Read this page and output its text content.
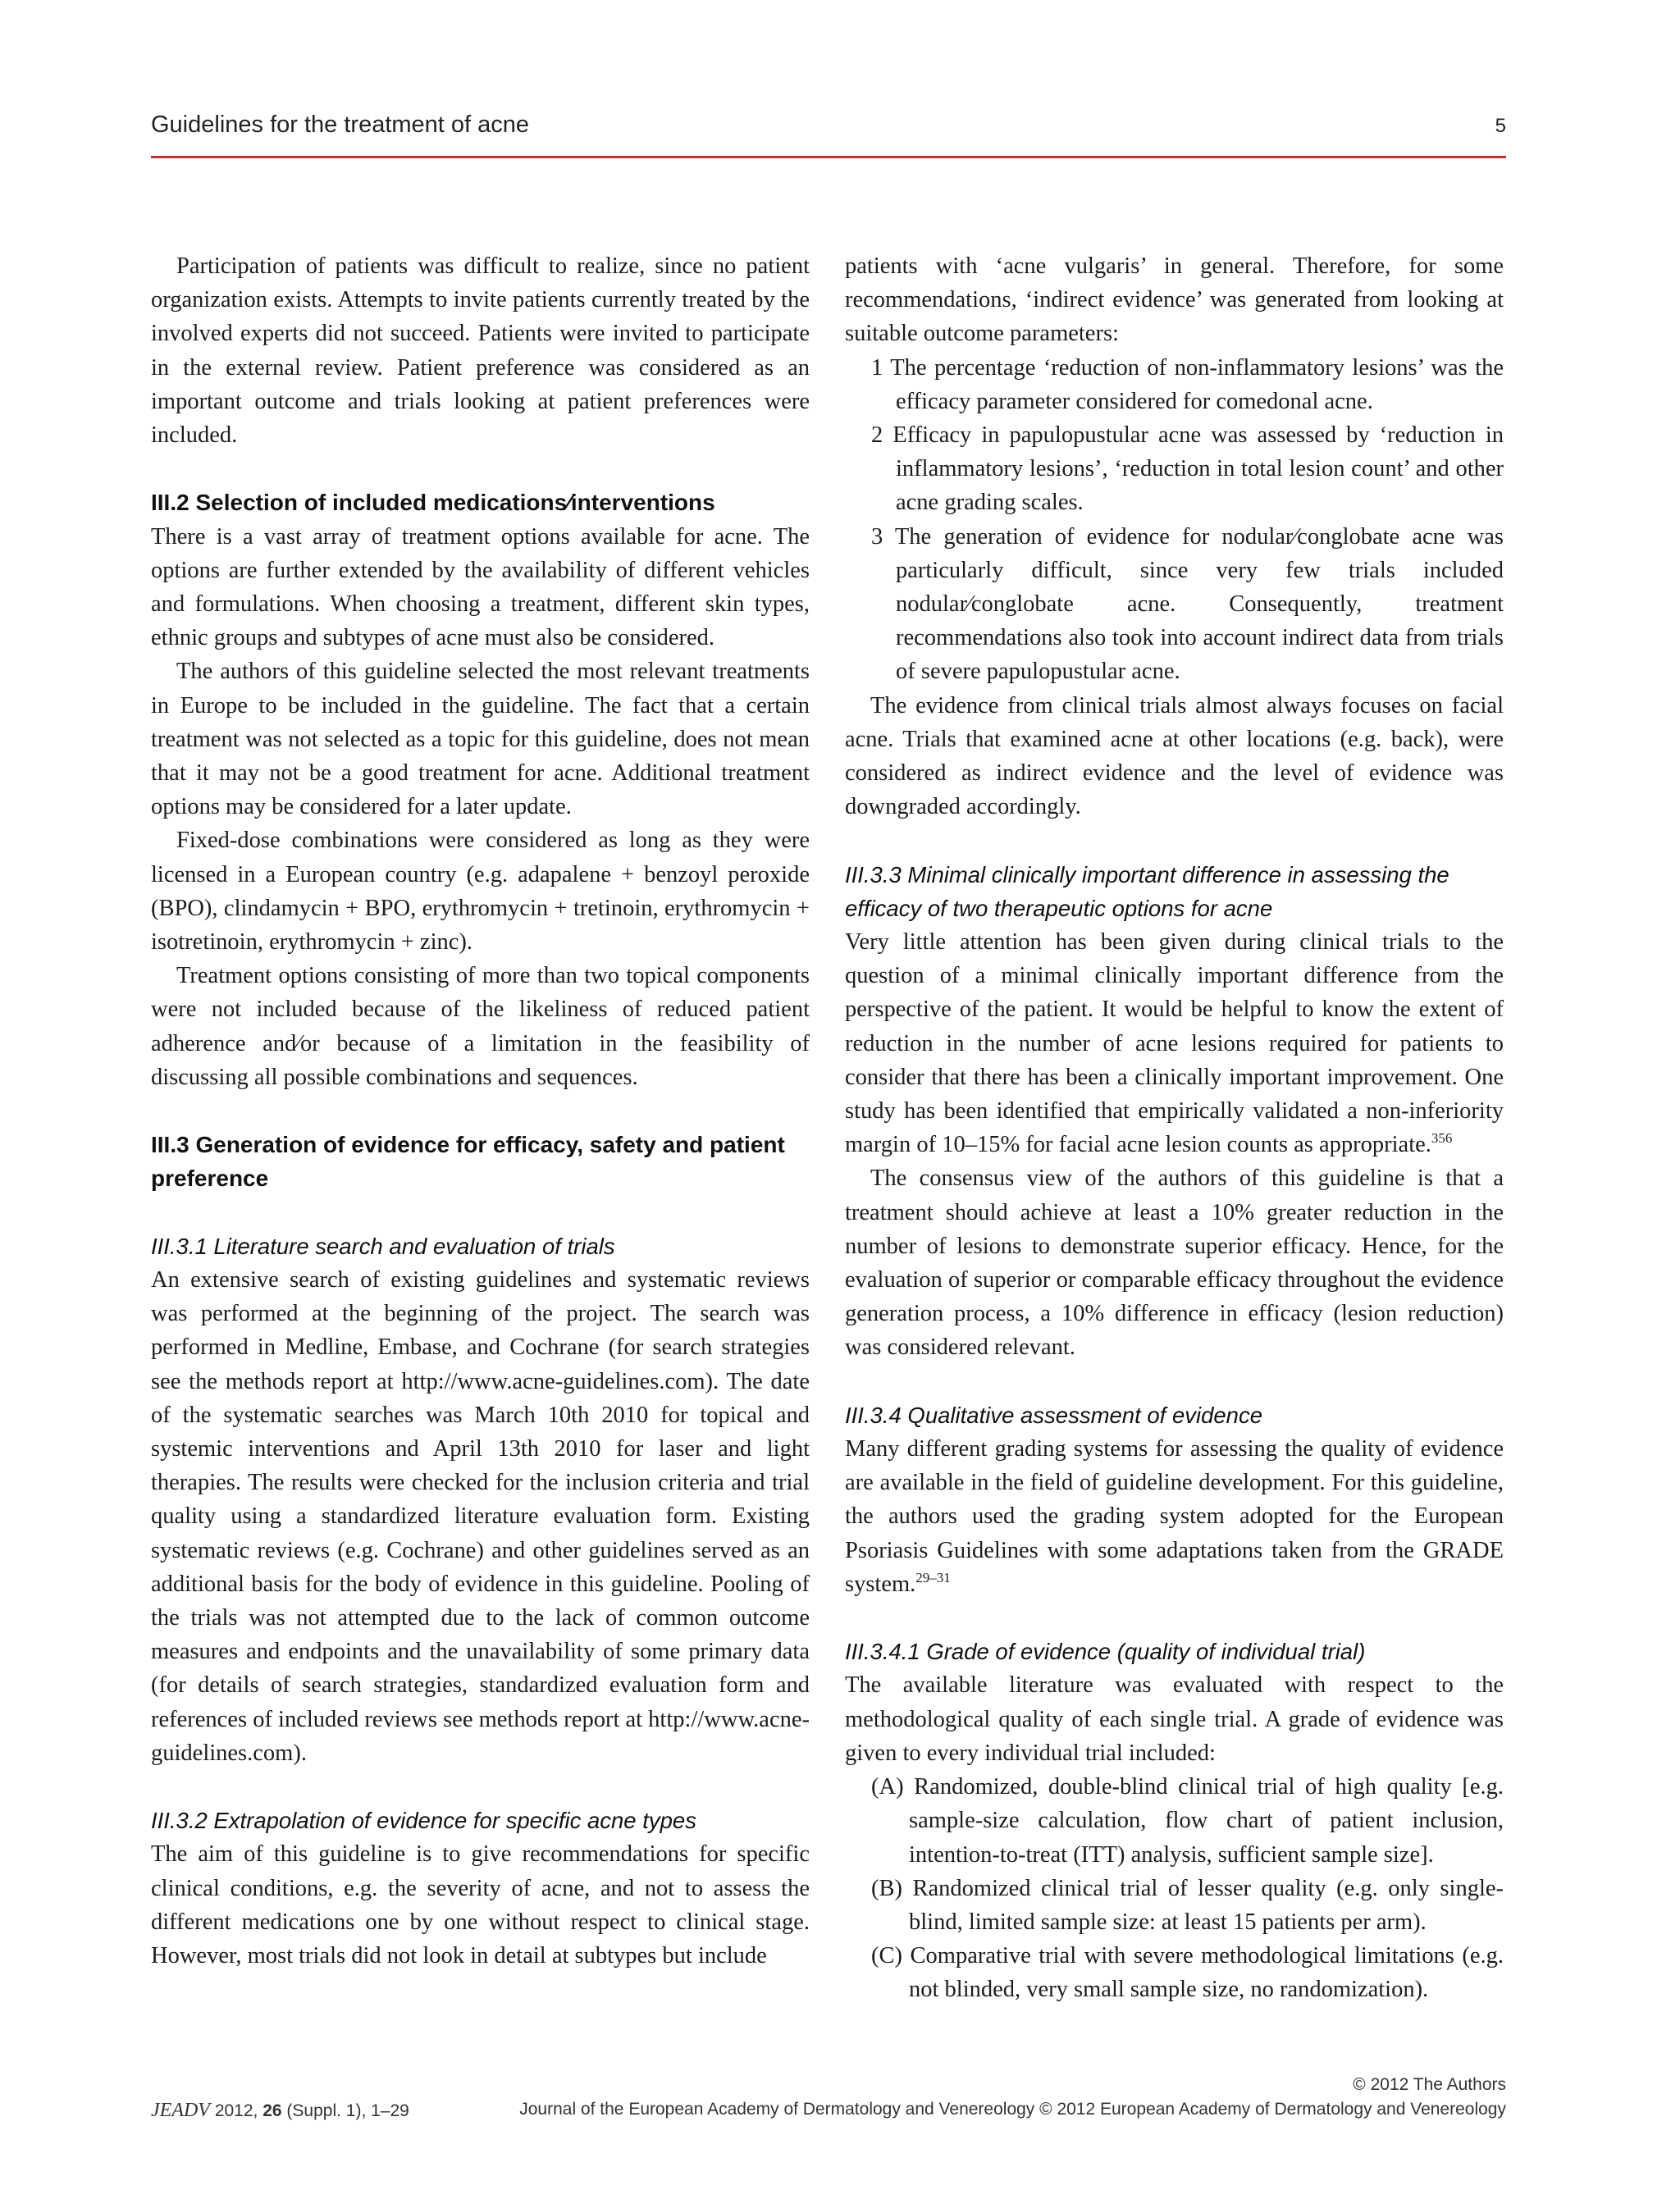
Guidelines for the treatment of acne	5

Participation of patients was difficult to realize, since no patient organization exists. Attempts to invite patients currently treated by the involved experts did not succeed. Patients were invited to participate in the external review. Patient preference was considered as an important outcome and trials looking at patient preferences were included.

III.2 Selection of included medications⁄interventions

There is a vast array of treatment options available for acne. The options are further extended by the availability of different vehicles and formulations. When choosing a treatment, different skin types, ethnic groups and subtypes of acne must also be considered.

The authors of this guideline selected the most relevant treatments in Europe to be included in the guideline. The fact that a certain treatment was not selected as a topic for this guideline, does not mean that it may not be a good treatment for acne. Additional treatment options may be considered for a later update.

Fixed-dose combinations were considered as long as they were licensed in a European country (e.g. adapalene + benzoyl peroxide (BPO), clindamycin + BPO, erythromycin + tretinoin, erythromycin + isotretinoin, erythromycin + zinc).

Treatment options consisting of more than two topical components were not included because of the likeliness of reduced patient adherence and⁄or because of a limitation in the feasibility of discussing all possible combinations and sequences.

III.3 Generation of evidence for efficacy, safety and patient preference
III.3.1 Literature search and evaluation of trials

An extensive search of existing guidelines and systematic reviews was performed at the beginning of the project. The search was performed in Medline, Embase, and Cochrane (for search strategies see the methods report at http://www.acne-guidelines.com). The date of the systematic searches was March 10th 2010 for topical and systemic interventions and April 13th 2010 for laser and light therapies. The results were checked for the inclusion criteria and trial quality using a standardized literature evaluation form. Existing systematic reviews (e.g. Cochrane) and other guidelines served as an additional basis for the body of evidence in this guideline. Pooling of the trials was not attempted due to the lack of common outcome measures and endpoints and the unavailability of some primary data (for details of search strategies, standardized evaluation form and references of included reviews see methods report at http://www.acne-guidelines.com).

III.3.2 Extrapolation of evidence for specific acne types

The aim of this guideline is to give recommendations for specific clinical conditions, e.g. the severity of acne, and not to assess the different medications one by one without respect to clinical stage. However, most trials did not look in detail at subtypes but include

patients with ‘acne vulgaris’ in general. Therefore, for some recommendations, ‘indirect evidence’ was generated from looking at suitable outcome parameters:

1 The percentage ‘reduction of non-inflammatory lesions’ was the efficacy parameter considered for comedonal acne.
2 Efficacy in papulopustular acne was assessed by ‘reduction in inflammatory lesions’, ‘reduction in total lesion count’ and other acne grading scales.
3 The generation of evidence for nodular⁄conglobate acne was particularly difficult, since very few trials included nodular⁄conglobate acne. Consequently, treatment recommendations also took into account indirect data from trials of severe papulopustular acne.

The evidence from clinical trials almost always focuses on facial acne. Trials that examined acne at other locations (e.g. back), were considered as indirect evidence and the level of evidence was downgraded accordingly.

III.3.3 Minimal clinically important difference in assessing the efficacy of two therapeutic options for acne

Very little attention has been given during clinical trials to the question of a minimal clinically important difference from the perspective of the patient. It would be helpful to know the extent of reduction in the number of acne lesions required for patients to consider that there has been a clinically important improvement. One study has been identified that empirically validated a non-inferiority margin of 10–15% for facial acne lesion counts as appropriate.$^{356}$

The consensus view of the authors of this guideline is that a treatment should achieve at least a 10% greater reduction in the number of lesions to demonstrate superior efficacy. Hence, for the evaluation of superior or comparable efficacy throughout the evidence generation process, a 10% difference in efficacy (lesion reduction) was considered relevant.

III.3.4 Qualitative assessment of evidence

Many different grading systems for assessing the quality of evidence are available in the field of guideline development. For this guideline, the authors used the grading system adopted for the European Psoriasis Guidelines with some adaptations taken from the GRADE system.$^{29-31}$

III.3.4.1 Grade of evidence (quality of individual trial)

The available literature was evaluated with respect to the methodological quality of each single trial. A grade of evidence was given to every individual trial included:

(A) Randomized, double-blind clinical trial of high quality [e.g. sample-size calculation, flow chart of patient inclusion, intention-to-treat (ITT) analysis, sufficient sample size].
(B) Randomized clinical trial of lesser quality (e.g. only single-blind, limited sample size: at least 15 patients per arm).
(C) Comparative trial with severe methodological limitations (e.g. not blinded, very small sample size, no randomization).
© 2012 The Authors
JEADV 2012, 26 (Suppl. 1), 1–29	Journal of the European Academy of Dermatology and Venereology © 2012 European Academy of Dermatology and Venereology
